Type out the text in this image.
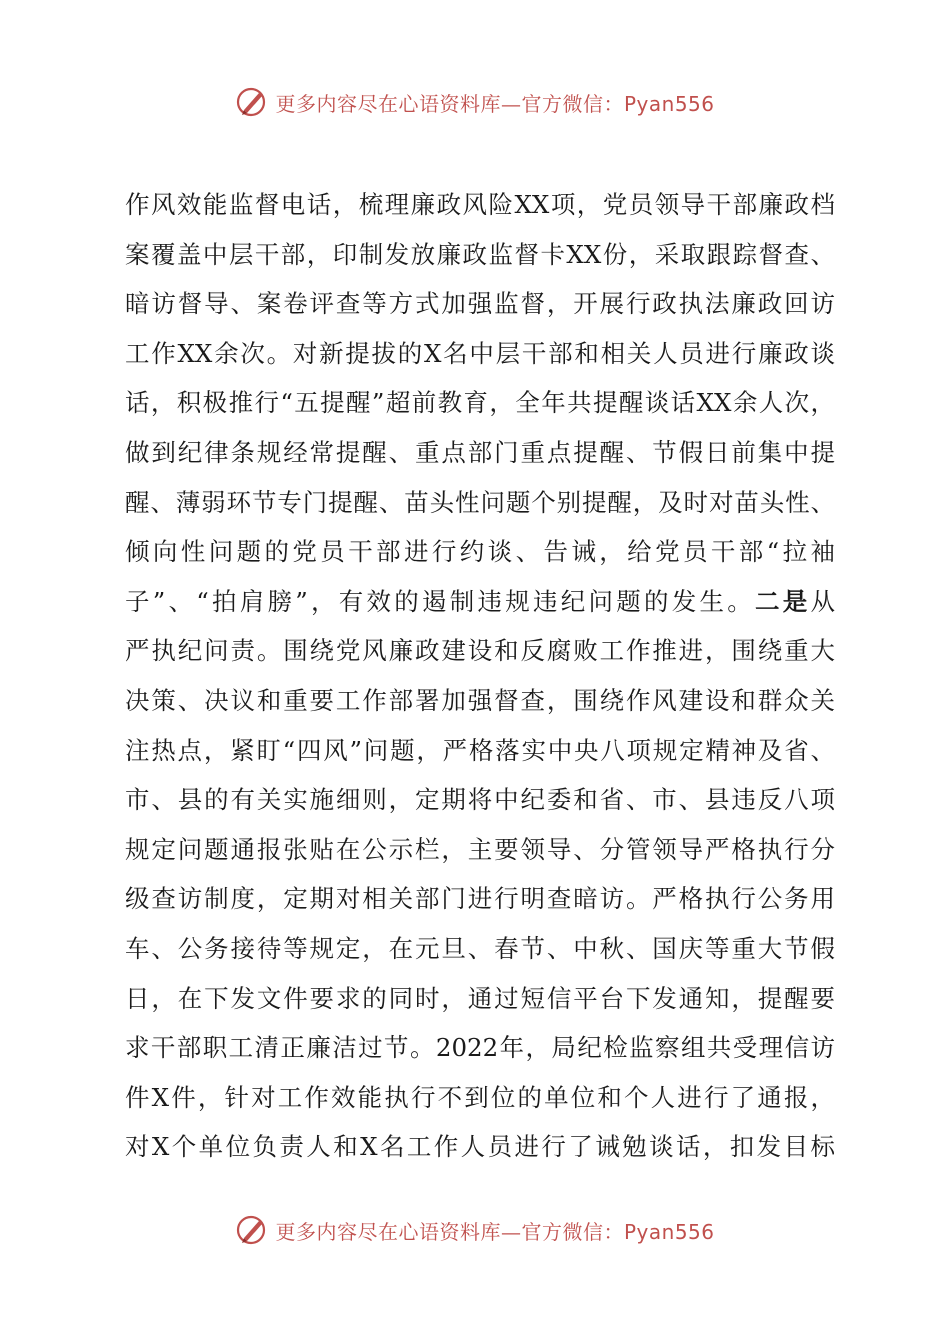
更多内容尽在心语资料库—官方微信：Pyan556
作风效能监督电话，梳理廉政风险XX项，党员领导干部廉政档
案覆盖中层干部，印制发放廉政监督卡XX份，采取跟踪督查、
暗访督导、案卷评查等方式加强监督，开展行政执法廉政回访
工作XX余次。对新提拔的X名中层干部和相关人员进行廉政谈
话，积极推行“五提醒”超前教育，全年共提醒谈话XX余人次，
做到纪律条规经常提醒、重点部门重点提醒、节假日前集中提
醒、薄弱环节专门提醒、苗头性问题个别提醒，及时对苗头性、
倾向性问题的党员干部进行约谈、告诫，给党员干部“拉袖
子”、“拍肩膀”，有效的遏制违规违纪问题的发生。二是从
严执纪问责。围绕党风廉政建设和反腐败工作推进，围绕重大
决策、决议和重要工作部署加强督查，围绕作风建设和群众关
注热点，紧盯“四风”问题，严格落实中央八项规定精神及省、
市、县的有关实施细则，定期将中纪委和省、市、县违反八项
规定问题通报张贴在公示栏，主要领导、分管领导严格执行分
级查访制度，定期对相关部门进行明查暗访。严格执行公务用
车、公务接待等规定，在元旦、春节、中秋、国庆等重大节假
日，在下发文件要求的同时，通过短信平台下发通知，提醒要
求干部职工清正廉洁过节。2022年，局纪检监察组共受理信访
件X件，针对工作效能执行不到位的单位和个人进行了通报，
对X个单位负责人和X名工作人员进行了诫勉谈话，扣发目标
更多内容尽在心语资料库—官方微信：Pyan556
